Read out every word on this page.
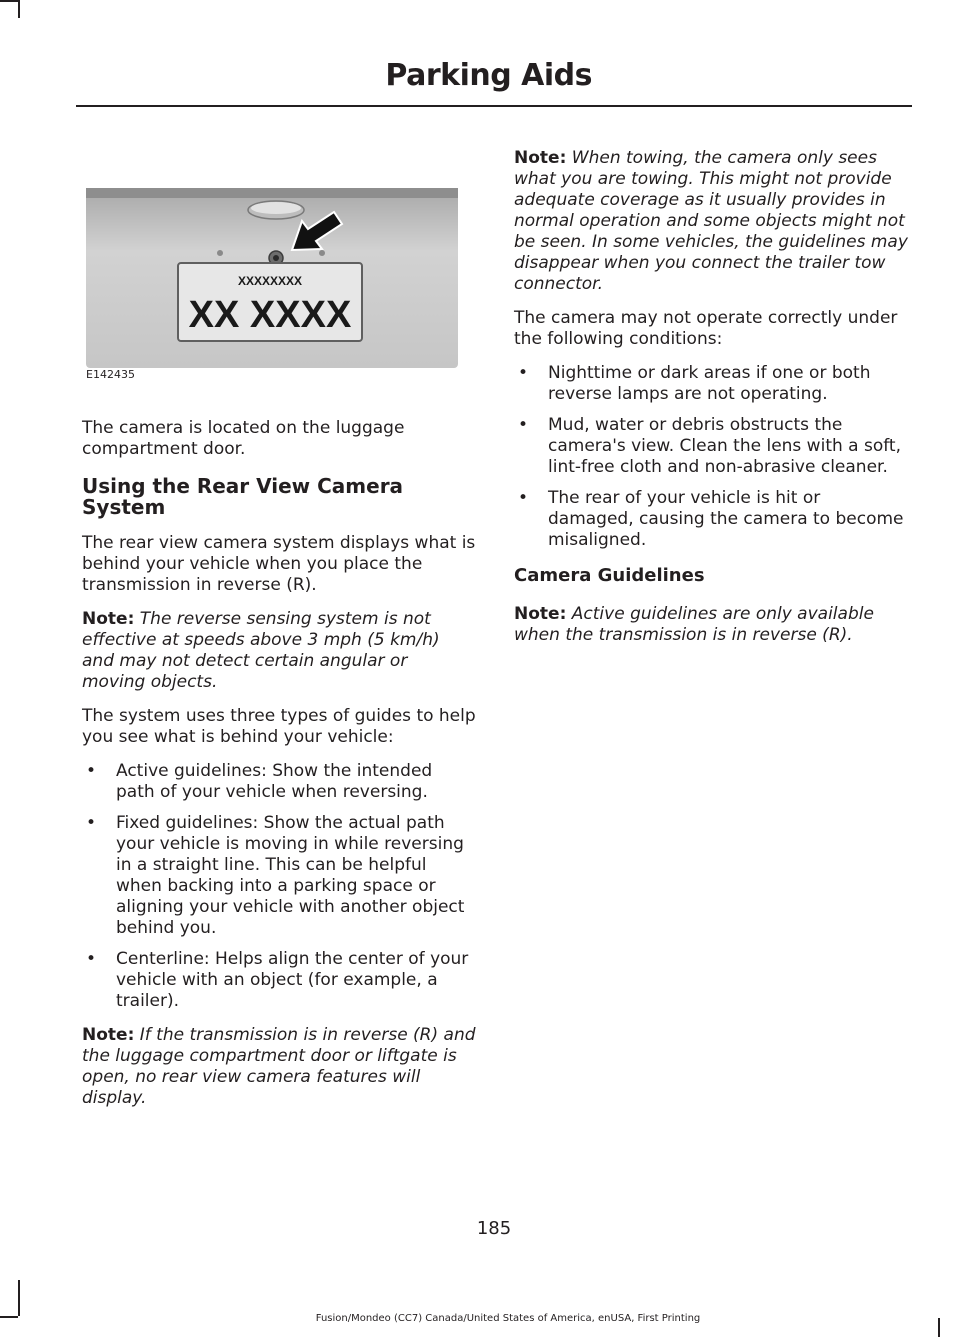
Parking Aids
XXXXXXXX
XX XXXX
E142435

The camera is located on the luggage compartment door.

Using the Rear View Camera System

The rear view camera system displays what is behind your vehicle when you place the transmission in reverse (R).

Note: The reverse sensing system is not effective at speeds above 3 mph (5 km/h) and may not detect certain angular or moving objects.

The system uses three types of guides to help you see what is behind your vehicle:

• Active guidelines: Show the intended path of your vehicle when reversing.
• Fixed guidelines: Show the actual path your vehicle is moving in while reversing in a straight line. This can be helpful when backing into a parking space or aligning your vehicle with another object behind you.
• Centerline: Helps align the center of your vehicle with an object (for example, a trailer).

Note: If the transmission is in reverse (R) and the luggage compartment door or liftgate is open, no rear view camera features will display.

Note: When towing, the camera only sees what you are towing. This might not provide adequate coverage as it usually provides in normal operation and some objects might not be seen. In some vehicles, the guidelines may disappear when you connect the trailer tow connector.

The camera may not operate correctly under the following conditions:

• Nighttime or dark areas if one or both reverse lamps are not operating.
• Mud, water or debris obstructs the camera's view. Clean the lens with a soft, lint-free cloth and non-abrasive cleaner.
• The rear of your vehicle is hit or damaged, causing the camera to become misaligned.
Camera Guidelines

Note: Active guidelines are only available when the transmission is in reverse (R).

185
Fusion/Mondeo (CC7) Canada/United States of America, enUSA, First Printing
